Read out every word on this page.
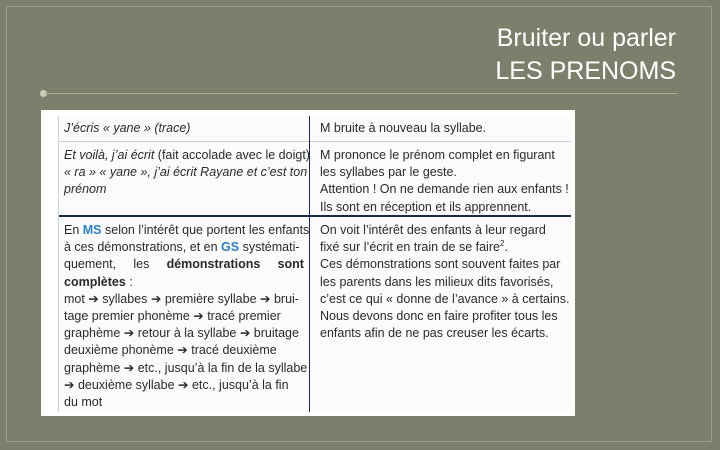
Bruiter ou parler
LES PRENOMS
J’écris « yane » (trace)	M bruite à nouveau la syllabe.
Et voilà, j’ai écrit (fait accolade avec le doigt)
« ra » « yane », j’ai écrit Rayane et c’est ton
prénom
M prononce le prénom complet en figurant
les syllabes par le geste.
Attention ! On ne demande rien aux enfants !
Ils sont en réception et ils apprennent.
En MS selon l’intérêt que portent les enfants
à ces démonstrations, et en GS systémati-
quement, les démonstrations sont
complètes :
mot ➔ syllabes ➔ première syllabe ➔ brui-
tage premier phonème ➔ tracé premier
graphème ➔ retour à la syllabe ➔ bruitage
deuxième phonème ➔ tracé deuxième
graphème ➔ etc., jusqu’à la fin de la syllabe
➔ deuxième syllabe ➔ etc., jusqu’à la fin
du mot
On voit l’intérêt des enfants à leur regard
fixé sur l’écrit en train de se faire$^2$.
Ces démonstrations sont souvent faites par
les parents dans les milieux dits favorisés,
c’est ce qui « donne de l’avance » à certains.
Nous devons donc en faire profiter tous les
enfants afin de ne pas creuser les écarts.
